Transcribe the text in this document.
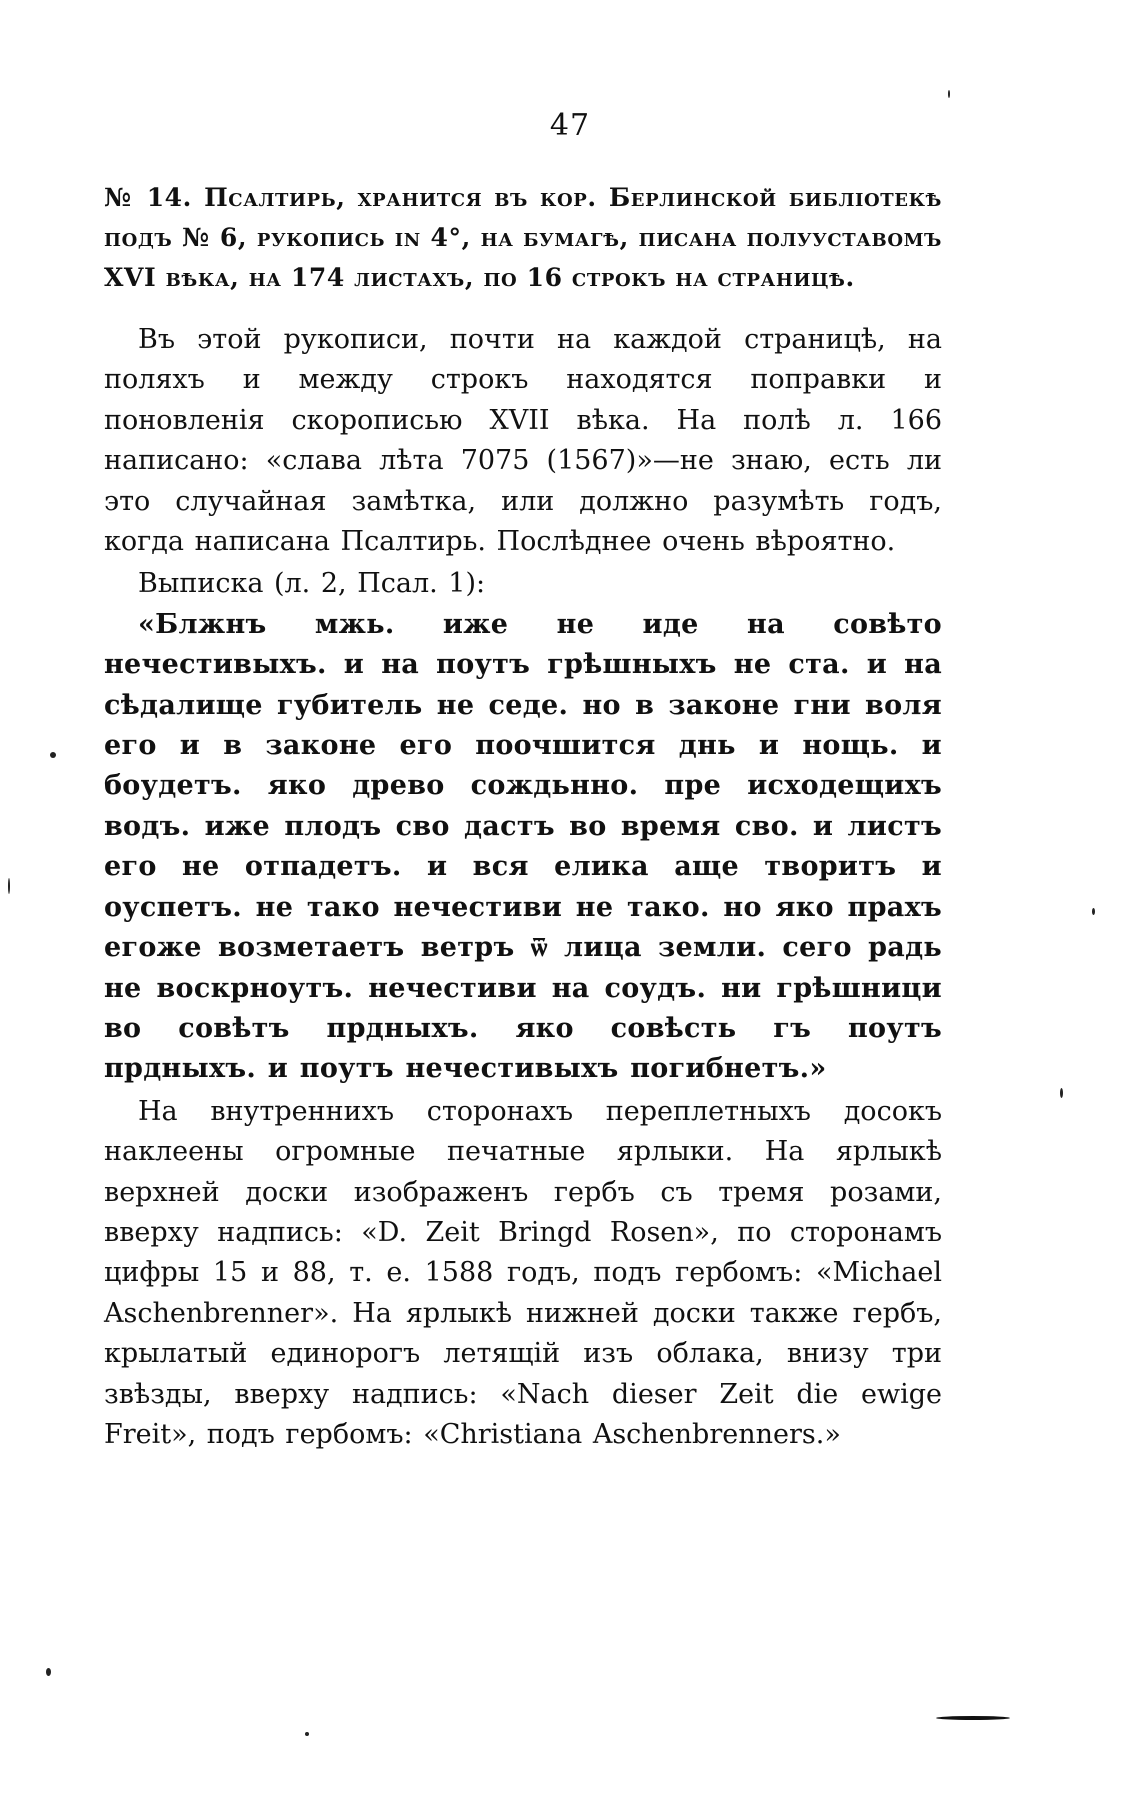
47

№ 14. Псалтирь, хранится въ кор. Берлинской библіотекѣ подъ № 6, рукопись in 4°, на бумагѣ, писана полууставомъ XVI вѣка, на 174 листахъ, по 16 строкъ на страницѣ.

Въ этой рукописи, почти на каждой страницѣ, на поляхъ и между строкъ находятся поправки и поновленія скорописью XVII вѣка. На полѣ л. 166 написано: «слава лѣта 7075 (1567)»—не знаю, есть ли это случайная замѣтка, или должно разумѣть годъ, когда написана Псалтирь. Послѣднее очень вѣроятно.

Выписка (л. 2, Псал. 1):

«Блжнъ мжь. иже не иде на совѣто нечестивыхъ. и на поутъ грѣшныхъ не ста. и на сѣдалище губитель не седе. но в законе гни воля его и в законе его поочшится днь и нощь. и боудетъ. яко древо сождьнно. пре исходещихъ водъ. иже плодъ сво дастъ во время сво. и листъ его не отпадетъ. и вся елика аще творитъ и оуспетъ. не тако нечестиви не тако. но яко прахъ егоже возметаетъ ветръ ѿ лица земли. сего радь не воскрноутъ. нечестиви на соудъ. ни грѣшници во совѣтъ прдныхъ. яко совѣсть гъ поутъ прдныхъ. и поутъ нечестивыхъ погибнетъ.»

На внутреннихъ сторонахъ переплетныхъ досокъ наклеены огромные печатные ярлыки. На ярлыкѣ верхней доски изображенъ гербъ съ тремя розами, вверху надпись: «D. Zeit Bringd Rosen», по сторонамъ цифры 15 и 88, т. е. 1588 годъ, подъ гербомъ: «Michael Aschenbrenner». На ярлыкѣ нижней доски также гербъ, крылатый единорогъ летящій изъ облака, внизу три звѣзды, вверху надпись: «Nach dieser Zeit die ewige Freit», подъ гербомъ: «Christiana Aschenbrenners.»
